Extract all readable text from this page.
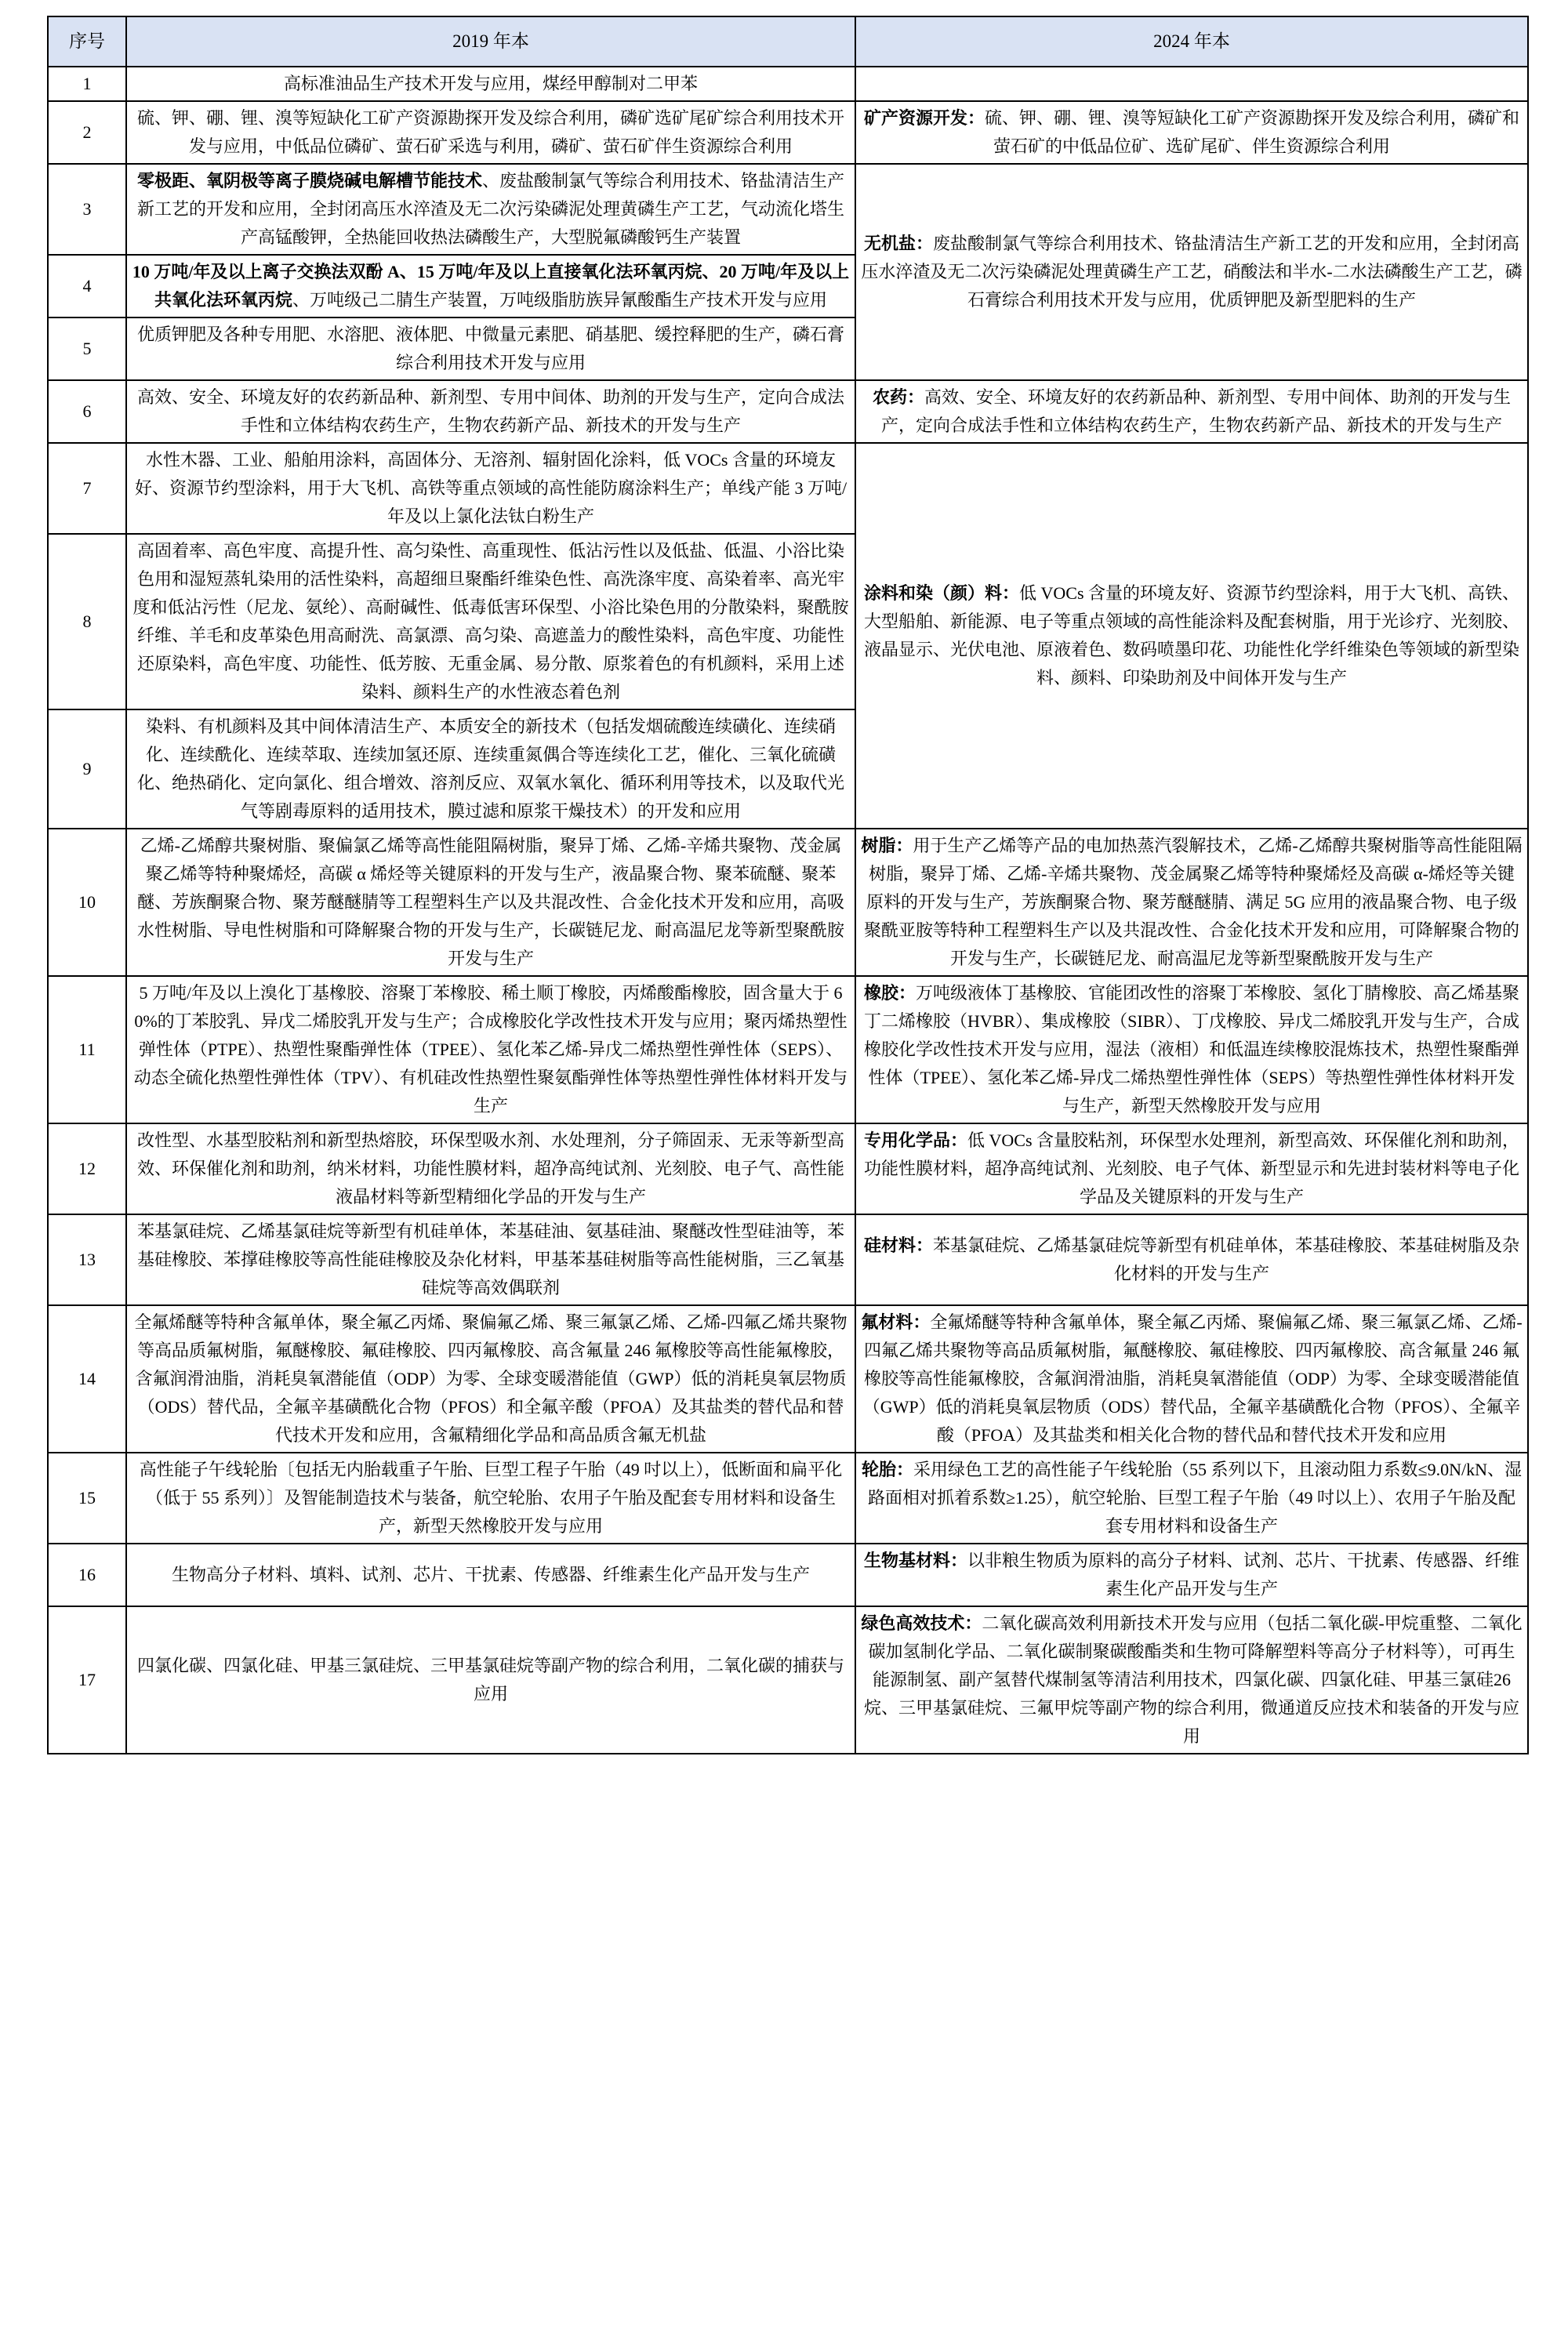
序号	2019 年本	2024 年本
1	高标准油品生产技术开发与应用，煤经甲醇制对二甲苯	
2	硫、钾、硼、锂、溴等短缺化工矿产资源勘探开发及综合利用，磷矿选矿尾矿综合利用技术开发与应用，中低品位磷矿、萤石矿采选与利用，磷矿、萤石矿伴生资源综合利用	矿产资源开发：硫、钾、硼、锂、溴等短缺化工矿产资源勘探开发及综合利用，磷矿和萤石矿的中低品位矿、选矿尾矿、伴生资源综合利用
3	零极距、氧阴极等离子膜烧碱电解槽节能技术、废盐酸制氯气等综合利用技术、铬盐清洁生产新工艺的开发和应用，全封闭高压水淬渣及无二次污染磷泥处理黄磷生产工艺，气动流化塔生产高锰酸钾，全热能回收热法磷酸生产，大型脱氟磷酸钙生产装置	无机盐：废盐酸制氯气等综合利用技术、铬盐清洁生产新工艺的开发和应用，全封闭高压水淬渣及无二次污染磷泥处理黄磷生产工艺，硝酸法和半水-二水法磷酸生产工艺，磷石膏综合利用技术开发与应用，优质钾肥及新型肥料的生产
4	10 万吨/年及以上离子交换法双酚 A、15 万吨/年及以上直接氧化法环氧丙烷、20 万吨/年及以上共氧化法环氧丙烷、万吨级己二腈生产装置，万吨级脂肪族异氰酸酯生产技术开发与应用	
5	优质钾肥及各种专用肥、水溶肥、液体肥、中微量元素肥、硝基肥、缓控释肥的生产，磷石膏综合利用技术开发与应用	
6	高效、安全、环境友好的农药新品种、新剂型、专用中间体、助剂的开发与生产，定向合成法手性和立体结构农药生产，生物农药新产品、新技术的开发与生产	农药：高效、安全、环境友好的农药新品种、新剂型、专用中间体、助剂的开发与生产，定向合成法手性和立体结构农药生产，生物农药新产品、新技术的开发与生产
7	水性木器、工业、船舶用涂料，高固体分、无溶剂、辐射固化涂料，低 VOCs 含量的环境友好、资源节约型涂料，用于大飞机、高铁等重点领域的高性能防腐涂料生产；单线产能 3 万吨/年及以上氯化法钛白粉生产	涂料和染（颜）料：低 VOCs 含量的环境友好、资源节约型涂料，用于大飞机、高铁、大型船舶、新能源、电子等重点领域的高性能涂料及配套树脂，用于光诊疗、光刻胶、液晶显示、光伏电池、原液着色、数码喷墨印花、功能性化学纤维染色等领域的新型染料、颜料、印染助剂及中间体开发与生产
8	高固着率、高色牢度、高提升性、高匀染性、高重现性、低沾污性以及低盐、低温、小浴比染色用和湿短蒸轧染用的活性染料，高超细旦聚酯纤维染色性、高洗涤牢度、高染着率、高光牢度和低沾污性（尼龙、氨纶）、高耐碱性、低毒低害环保型、小浴比染色用的分散染料，聚酰胺纤维、羊毛和皮革染色用高耐洗、高氯漂、高匀染、高遮盖力的酸性染料，高色牢度、功能性还原染料，高色牢度、功能性、低芳胺、无重金属、易分散、原浆着色的有机颜料，采用上述染料、颜料生产的水性液态着色剂	
9	染料、有机颜料及其中间体清洁生产、本质安全的新技术（包括发烟硫酸连续磺化、连续硝化、连续酰化、连续萃取、连续加氢还原、连续重氮偶合等连续化工艺，催化、三氧化硫磺化、绝热硝化、定向氯化、组合增效、溶剂反应、双氧水氧化、循环利用等技术，以及取代光气等剧毒原料的适用技术，膜过滤和原浆干燥技术）的开发和应用	
10	乙烯-乙烯醇共聚树脂、聚偏氯乙烯等高性能阻隔树脂，聚异丁烯、乙烯-辛烯共聚物、茂金属聚乙烯等特种聚烯烃，高碳 α 烯烃等关键原料的开发与生产，液晶聚合物、聚苯硫醚、聚苯醚、芳族酮聚合物、聚芳醚醚腈等工程塑料生产以及共混改性、合金化技术开发和应用，高吸水性树脂、导电性树脂和可降解聚合物的开发与生产，长碳链尼龙、耐高温尼龙等新型聚酰胺开发与生产	树脂：用于生产乙烯等产品的电加热蒸汽裂解技术，乙烯-乙烯醇共聚树脂等高性能阻隔树脂，聚异丁烯、乙烯-辛烯共聚物、茂金属聚乙烯等特种聚烯烃及高碳 α-烯烃等关键原料的开发与生产，芳族酮聚合物、聚芳醚醚腈、满足 5G 应用的液晶聚合物、电子级聚酰亚胺等特种工程塑料生产以及共混改性、合金化技术开发和应用，可降解聚合物的开发与生产，长碳链尼龙、耐高温尼龙等新型聚酰胺开发与生产
11	5 万吨/年及以上溴化丁基橡胶、溶聚丁苯橡胶、稀土顺丁橡胶，丙烯酸酯橡胶，固含量大于 60%的丁苯胶乳、异戊二烯胶乳开发与生产；合成橡胶化学改性技术开发与应用；聚丙烯热塑性弹性体（PTPE）、热塑性聚酯弹性体（TPEE）、氢化苯乙烯-异戊二烯热塑性弹性体（SEPS）、动态全硫化热塑性弹性体（TPV）、有机硅改性热塑性聚氨酯弹性体等热塑性弹性体材料开发与生产	橡胶：万吨级液体丁基橡胶、官能团改性的溶聚丁苯橡胶、氢化丁腈橡胶、高乙烯基聚丁二烯橡胶（HVBR）、集成橡胶（SIBR）、丁戊橡胶、异戊二烯胶乳开发与生产，合成橡胶化学改性技术开发与应用，湿法（液相）和低温连续橡胶混炼技术，热塑性聚酯弹性体（TPEE）、氢化苯乙烯-异戊二烯热塑性弹性体（SEPS）等热塑性弹性体材料开发与生产，新型天然橡胶开发与应用
12	改性型、水基型胶粘剂和新型热熔胶，环保型吸水剂、水处理剂，分子筛固汞、无汞等新型高效、环保催化剂和助剂，纳米材料，功能性膜材料，超净高纯试剂、光刻胶、电子气、高性能液晶材料等新型精细化学品的开发与生产	专用化学品：低 VOCs 含量胶粘剂，环保型水处理剂，新型高效、环保催化剂和助剂，功能性膜材料，超净高纯试剂、光刻胶、电子气体、新型显示和先进封装材料等电子化学品及关键原料的开发与生产
13	苯基氯硅烷、乙烯基氯硅烷等新型有机硅单体，苯基硅油、氨基硅油、聚醚改性型硅油等，苯基硅橡胶、苯撑硅橡胶等高性能硅橡胶及杂化材料，甲基苯基硅树脂等高性能树脂，三乙氧基硅烷等高效偶联剂	硅材料：苯基氯硅烷、乙烯基氯硅烷等新型有机硅单体，苯基硅橡胶、苯基硅树脂及杂化材料的开发与生产
14	全氟烯醚等特种含氟单体，聚全氟乙丙烯、聚偏氟乙烯、聚三氟氯乙烯、乙烯-四氟乙烯共聚物等高品质氟树脂，氟醚橡胶、氟硅橡胶、四丙氟橡胶、高含氟量 246 氟橡胶等高性能氟橡胶，含氟润滑油脂，消耗臭氧潜能值（ODP）为零、全球变暖潜能值（GWP）低的消耗臭氧层物质（ODS）替代品，全氟辛基磺酰化合物（PFOS）和全氟辛酸（PFOA）及其盐类的替代品和替代技术开发和应用，含氟精细化学品和高品质含氟无机盐	氟材料：全氟烯醚等特种含氟单体，聚全氟乙丙烯、聚偏氟乙烯、聚三氟氯乙烯、乙烯-四氟乙烯共聚物等高品质氟树脂，氟醚橡胶、氟硅橡胶、四丙氟橡胶、高含氟量 246 氟橡胶等高性能氟橡胶，含氟润滑油脂，消耗臭氧潜能值（ODP）为零、全球变暖潜能值（GWP）低的消耗臭氧层物质（ODS）替代品，全氟辛基磺酰化合物（PFOS）、全氟辛酸（PFOA）及其盐类和相关化合物的替代品和替代技术开发和应用
15	高性能子午线轮胎〔包括无内胎载重子午胎、巨型工程子午胎（49 吋以上），低断面和扁平化（低于 55 系列）〕及智能制造技术与装备，航空轮胎、农用子午胎及配套专用材料和设备生产，新型天然橡胶开发与应用	轮胎：采用绿色工艺的高性能子午线轮胎（55 系列以下，且滚动阻力系数≤9.0N/kN、湿路面相对抓着系数≥1.25），航空轮胎、巨型工程子午胎（49 吋以上）、农用子午胎及配套专用材料和设备生产
16	生物高分子材料、填料、试剂、芯片、干扰素、传感器、纤维素生化产品开发与生产	生物基材料：以非粮生物质为原料的高分子材料、试剂、芯片、干扰素、传感器、纤维素生化产品开发与生产
17	四氯化碳、四氯化硅、甲基三氯硅烷、三甲基氯硅烷等副产物的综合利用，二氧化碳的捕获与应用	绿色高效技术：二氧化碳高效利用新技术开发与应用（包括二氧化碳-甲烷重整、二氧化碳加氢制化学品、二氧化碳制聚碳酸酯类和生物可降解塑料等高分子材料等），可再生能源制氢、副产氢替代煤制氢等清洁利用技术，四氯化碳、四氯化硅、甲基三氯硅26 烷、三甲基氯硅烷、三氟甲烷等副产物的综合利用，微通道反应技术和装备的开发与应用
